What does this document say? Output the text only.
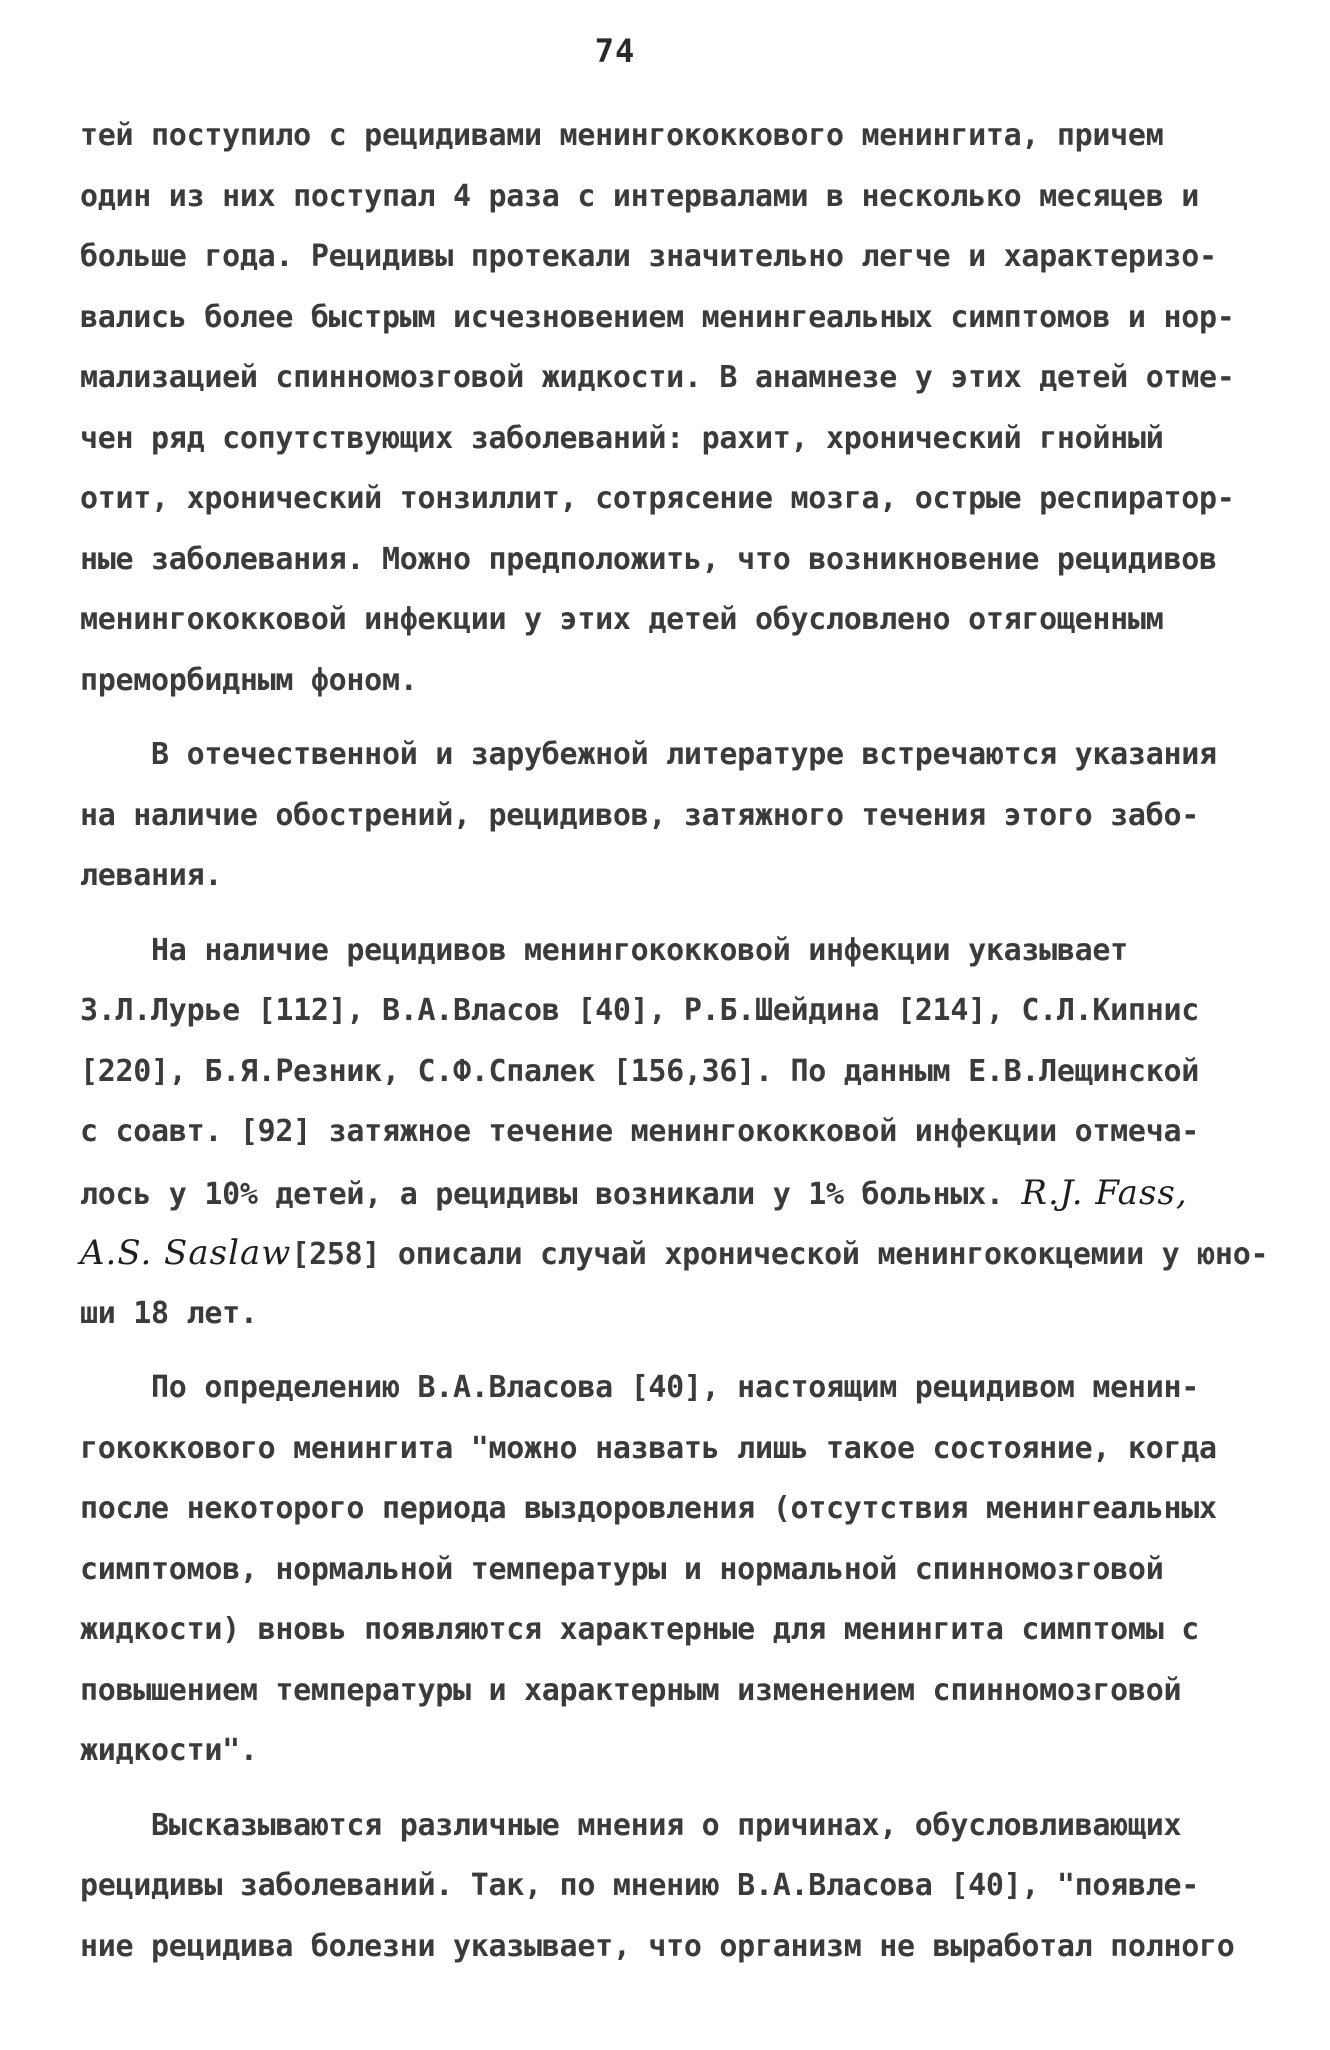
74
тей поступило с рецидивами менингококкового менингита, причем
один из них поступал 4 раза с интервалами в несколько месяцев и
больше года. Рецидивы протекали значительно легче и характеризо-
вались более быстрым исчезновением менингеальных симптомов и нор-
мализацией спинномозговой жидкости. В анамнезе у этих детей отме-
чен ряд сопутствующих заболеваний: рахит, хронический гнойный
отит, хронический тонзиллит, сотрясение мозга, острые респиратор-
ные заболевания. Можно предположить, что возникновение рецидивов
менингококковой инфекции у этих детей обусловлено отягощенным
преморбидным фоном.
В отечественной и зарубежной литературе встречаются указания
на наличие обострений, рецидивов, затяжного течения этого забо-
левания.
На наличие рецидивов менингококковой инфекции указывает
З.Л.Лурье [112], В.А.Власов [40], Р.Б.Шейдина [214], С.Л.Кипнис
[220], Б.Я.Резник, С.Ф.Спалек [156,36]. По данным Е.В.Лещинской
с соавт. [92] затяжное течение менингококковой инфекции отмеча-
лось у 10% детей, а рецидивы возникали у 1% больных. R.J. Fass,
A.S. Saslaw[258] описали случай хронической менингококцемии у юно-
ши 18 лет.
По определению В.А.Власова [40], настоящим рецидивом менин-
гококкового менингита "можно назвать лишь такое состояние, когда
после некоторого периода выздоровления (отсутствия менингеальных
симптомов, нормальной температуры и нормальной спинномозговой
жидкости) вновь появляются характерные для менингита симптомы с
повышением температуры и характерным изменением спинномозговой
жидкости".
Высказываются различные мнения о причинах, обусловливающих
рецидивы заболеваний. Так, по мнению В.А.Власова [40], "появле-
ние рецидива болезни указывает, что организм не выработал полного
